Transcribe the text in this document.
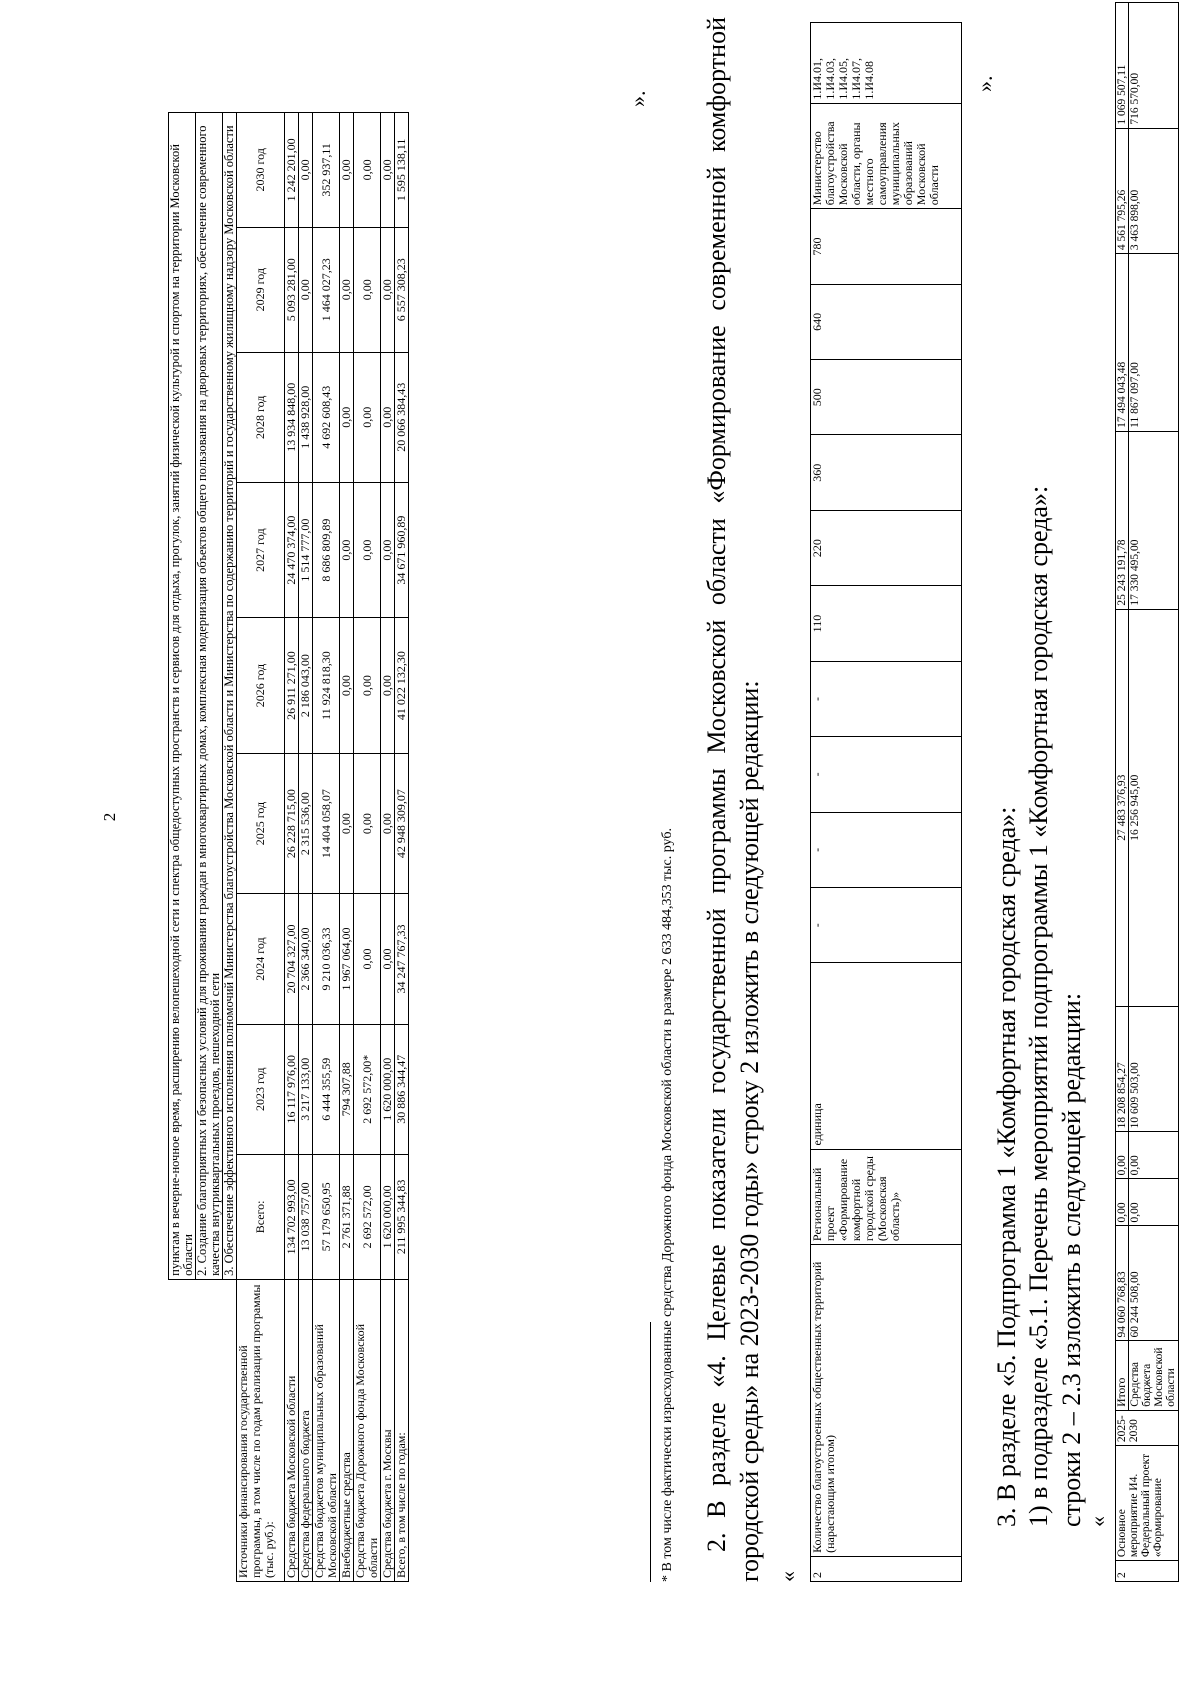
2
		пунктам в вечерне-ночное время, расширению велопешеходной сети и спектра общедоступных пространств и сервисов для отдыха, прогулок, занятий физической культурой и спортом на территории Московской области								
	2. Создание благоприятных и безопасных условий для проживания граждан в многоквартирных домах, комплексная модернизация объектов общего пользования на дворовых территориях, обеспечение современного качества внутриквартальных проездов, пешеходной сети								
	3. Обеспечение эффективного исполнения полномочий Министерства благоустройства Московской области и Министерства по содержанию территорий и государственному жилищному надзору Московской области								
Источники финансирования государственной программы, в том числе по годам реализации программы (тыс. руб.):	Всего:	2023 год	2024 год	2025 год	2026 год	2027 год	2028 год	2029 год	2030 год
Средства бюджета Московской области	134 702 993,00	16 117 976,00	20 704 327,00	26 228 715,00	26 911 271,00	24 470 374,00	13 934 848,00	5 093 281,00	1 242 201,00
Средства федерального бюджета	13 038 757,00	3 217 133,00	2 366 340,00	2 315 536,00	2 186 043,00	1 514 777,00	1 438 928,00	0,00	0,00
Средства бюджетов муниципальных образований Московской области	57 179 650,95	6 444 355,59	9 210 036,33	14 404 058,07	11 924 818,30	8 686 809,89	4 692 608,43	1 464 027,23	352 937,11
Внебюджетные средства	2 761 371,88	794 307,88	1 967 064,00	0,00	0,00	0,00	0,00	0,00	0,00
Средства бюджета Дорожного фонда Московской области	2 692 572,00	2 692 572,00*	0,00	0,00	0,00	0,00	0,00	0,00	0,00
Средства бюджета г. Москвы	1 620 000,00	1 620 000,00	0,00	0,00	0,00	0,00	0,00	0,00	0,00
Всего, в том числе по годам:	211 995 344,83	30 886 344,47	34 247 767,33	42 948 309,07	41 022 132,30	34 671 960,89	20 066 384,43	6 557 308,23	1 595 138,11
».
* В том числе фактически израсходованные средства Дорожного фонда Московской области в размере 2 633 484,353 тыс. руб. 2. В разделе «4. Целевые показатели государственной программы Московской области «Формирование современной комфортной городской среды» на 2023-2030 годы» строку 2 изложить в следующей редакции: « 2	Количество благоустроенных общественных территорий (нарастающим итогом)	Региональный проект «Формирование комфортной городской среды (Московская область)»	единица	-	-	-	-	110	220	360	500	640	780	Министерство благоустройства Московской области, органы местного самоуправления муниципальных образований Московской области	1.И4.01, 1.И4.03, 1.И4.05, 1.И4.07, 1.И4.08	».
3. В разделе «5. Подпрограмма 1 «Комфортная городская среда»: 1) в подразделе «5.1. Перечень мероприятий подпрограммы 1 «Комфортная городская среда»: строки 2 – 2.3 изложить в следующей редакции: «
2	Основное мероприятие И4. Федеральный проект «Формирование	2025-2030	Итого	94 060 768,83	0,00	0,00	18 208 854,27	27 483 376,93	25 243 191,78	17 494 043,48	4 561 795,26	1 069 507,11
			Средства бюджета Московской области	60 244 508,00	0,00	0,00	10 609 503,00	16 256 945,00	17 330 495,00	11 867 097,00	3 463 898,00	716 570,00
